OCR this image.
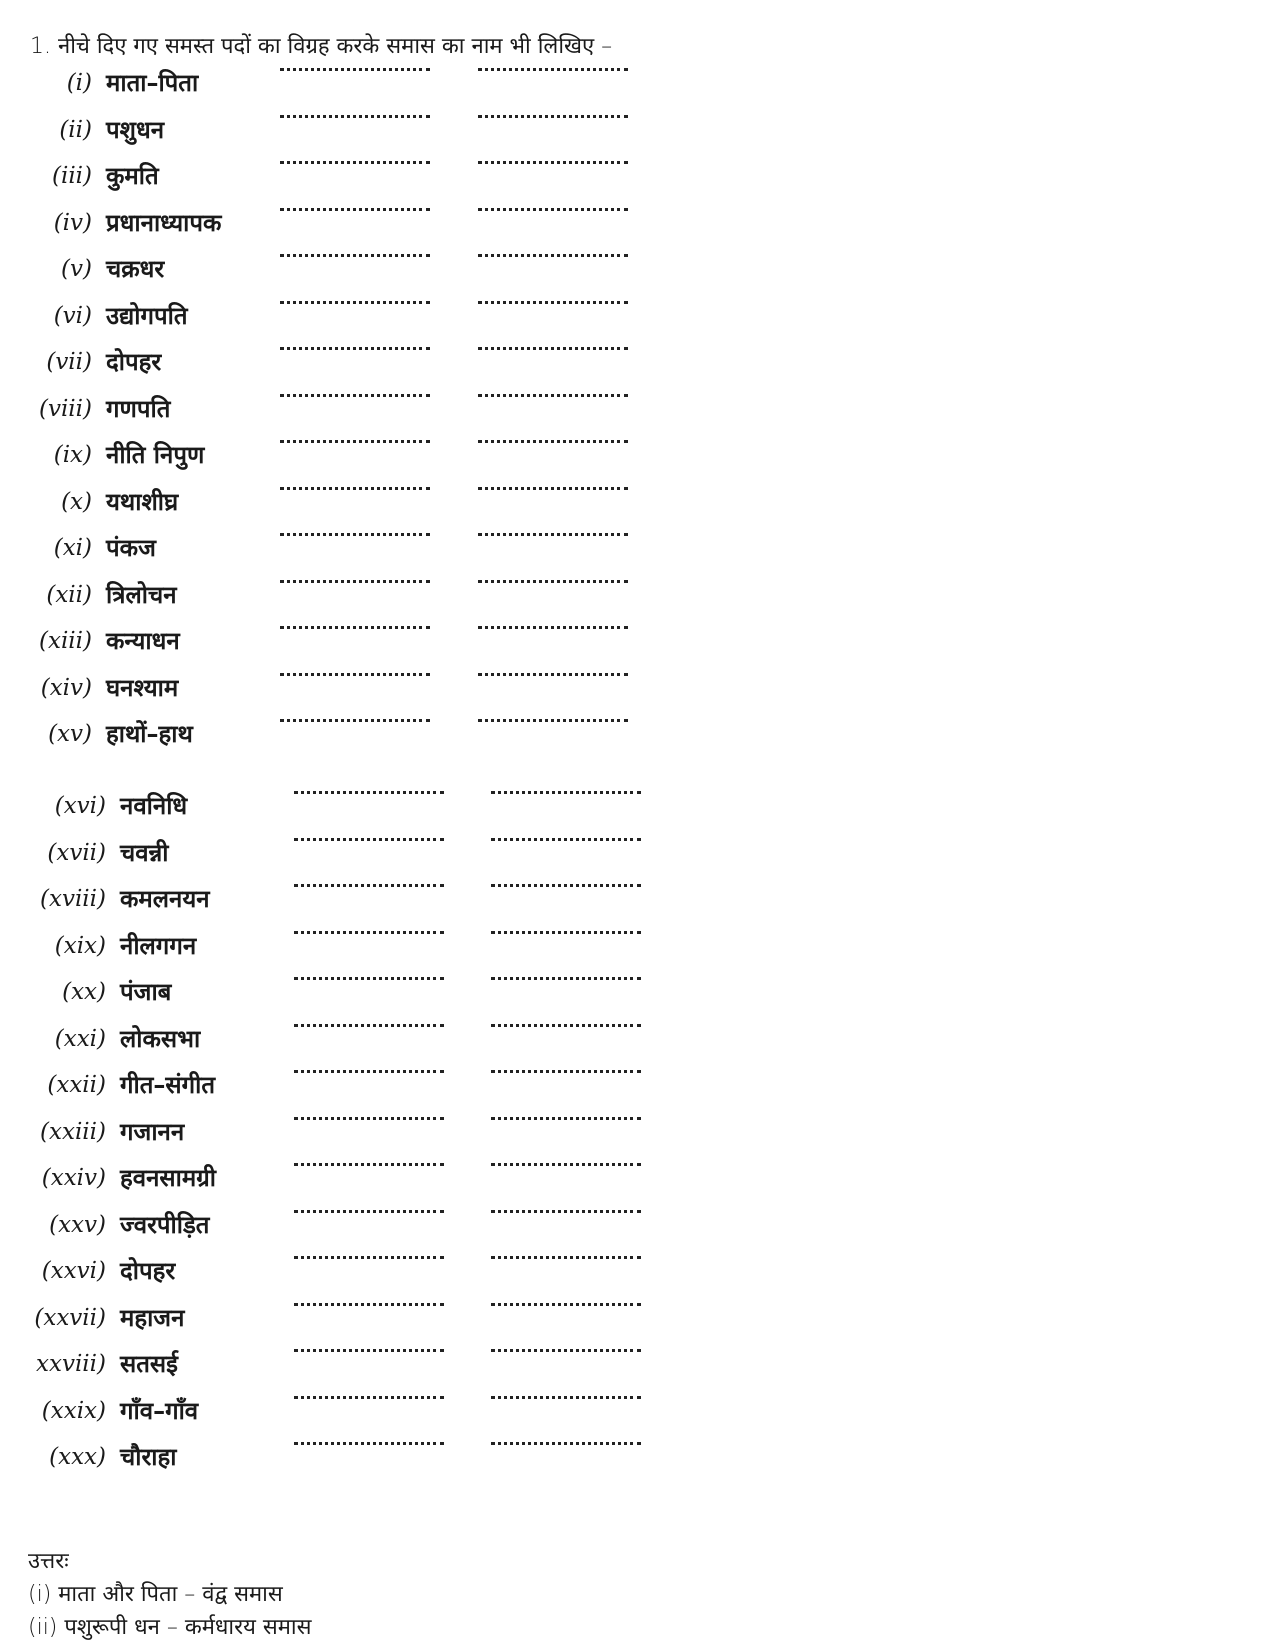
1. नीचे दिए गए समस्त पदों का विग्रह करके समास का नाम भी लिखिए –
(i) माता–पिता
(ii) पशुधन
(iii) कुमति
(iv) प्रधानाध्यापक
(v) चक्रधर
(vi) उद्योगपति
(vii) दोपहर
(viii) गणपति
(ix) नीति निपुण
(x) यथाशीघ्र
(xi) पंकज
(xii) त्रिलोचन
(xiii) कन्याधन
(xiv) घनश्याम
(xv) हाथों–हाथ
(xvi) नवनिधि
(xvii) चवन्नी
(xviii) कमलनयन
(xix) नीलगगन
(xx) पंजाब
(xxi) लोकसभा
(xxii) गीत–संगीत
(xxiii) गजानन
(xxiv) हवनसामग्री
(xxv) ज्वरपीड़ित
(xxvi) दोपहर
(xxvii) महाजन
xxviii) सतसई
(xxix) गाँव–गाँव
(xxx) चौराहा
उत्तरः
(i) माता और पिता – वंद्व समास
(ii) पशुरूपी धन – कर्मधारय समास
